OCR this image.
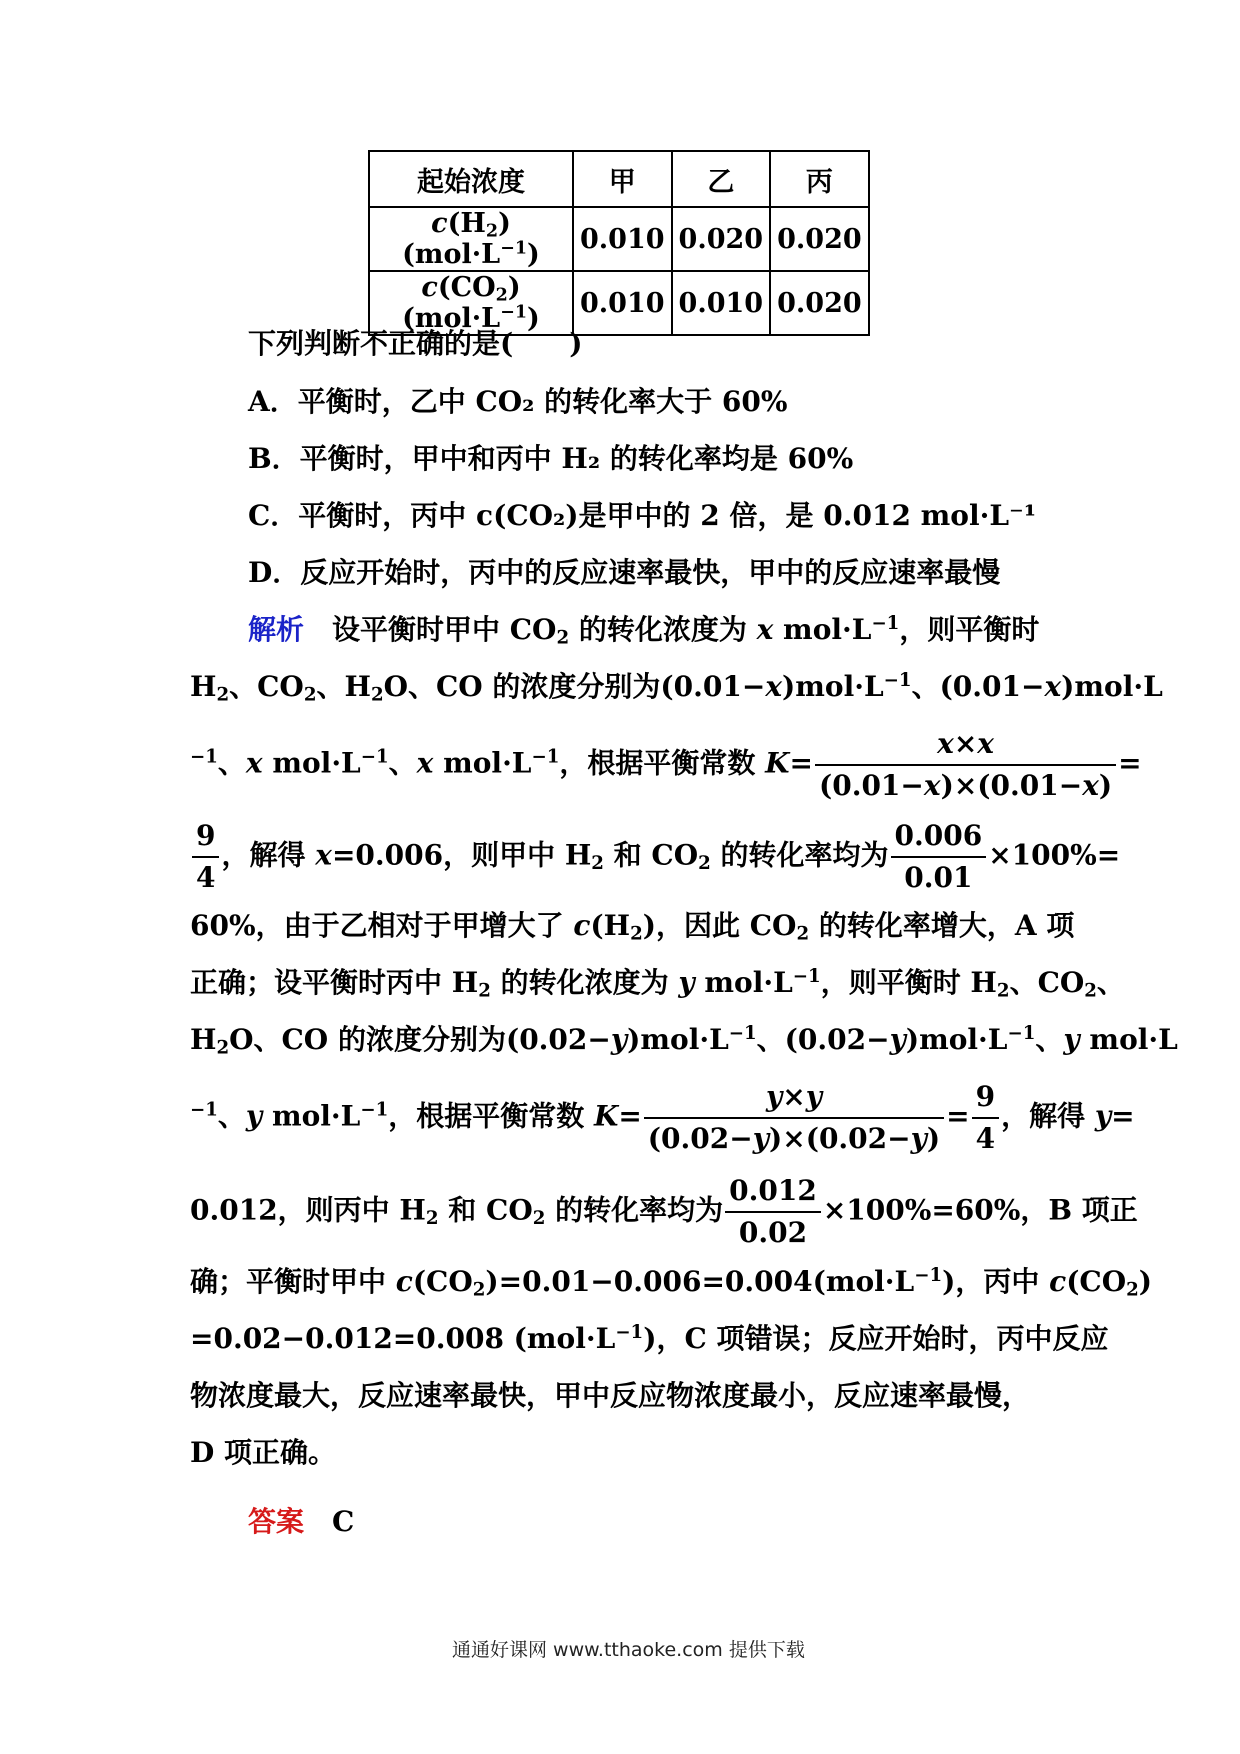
起始浓度	甲	乙	丙
$c(H_2)(mol\cdot L^{-1})$	0.010	0.020	0.020
$c(CO_2)(mol\cdot L^{-1})$	0.010	0.010	0.020
下列判断不正确的是(　　)
A．平衡时，乙中 CO₂ 的转化率大于 60%
B．平衡时，甲中和丙中 H₂ 的转化率均是 60%
C．平衡时，丙中 c(CO₂)是甲中的 2 倍，是 0.012 mol·L⁻¹
D．反应开始时，丙中的反应速率最快，甲中的反应速率最慢
解析　设平衡时甲中 $CO_2$ 的转化浓度为 x $mol\cdot L^{-1}$，则平衡时
$H_2$、$CO_2$、$H_2O$、CO 的浓度分别为$(0.01-x)mol\cdot L^{-1}$、(0.01−x)mol·L
$^{-1}$、x $mol\cdot L^{-1}$、x $mol\cdot L^{-1}$，根据平衡常数 $K= \frac{x\times x}{(0.01-x)\times(0.01-x)}$ =
$\frac{9}{4}$ ，解得 x=0.006，则甲中 $H_2$ 和 $CO_2$ 的转化率均为 $\frac{0.006}{0.01} \times 100\%=$
60%，由于乙相对于甲增大了 $c(H_2)$，因此 $CO_2$ 的转化率增大，A 项
正确；设平衡时丙中 $H_2$ 的转化浓度为 y $mol\cdot L^{-1}$，则平衡时 $H_2$、$CO_2$、
$H_2O$、CO 的浓度分别为$(0.02-y)mol\cdot L^{-1}$、$(0.02-y)mol\cdot L^{-1}$、y mol·L
$^{-1}$、y $mol\cdot L^{-1}$，根据平衡常数 $K= \frac{y\times y}{(0.02-y)\times(0.02-y)} = \frac{9}{4}$ ，解得 y=
0.012，则丙中 $H_2$ 和 $CO_2$ 的转化率均为 $\frac{0.012}{0.02} \times 100\%=60\%$，B 项正
确；平衡时甲中 $c(CO_2)=0.01-0.006=0.004(mol\cdot L^{-1})$，丙中 $c(CO_2)$
=0.02−0.012=0.008 $(mol\cdot L^{-1})$，C 项错误；反应开始时，丙中反应
物浓度最大，反应速率最快，甲中反应物浓度最小，反应速率最慢，
D 项正确。
答案　 C
通通好课网 www.tthaoke.com 提供下载
